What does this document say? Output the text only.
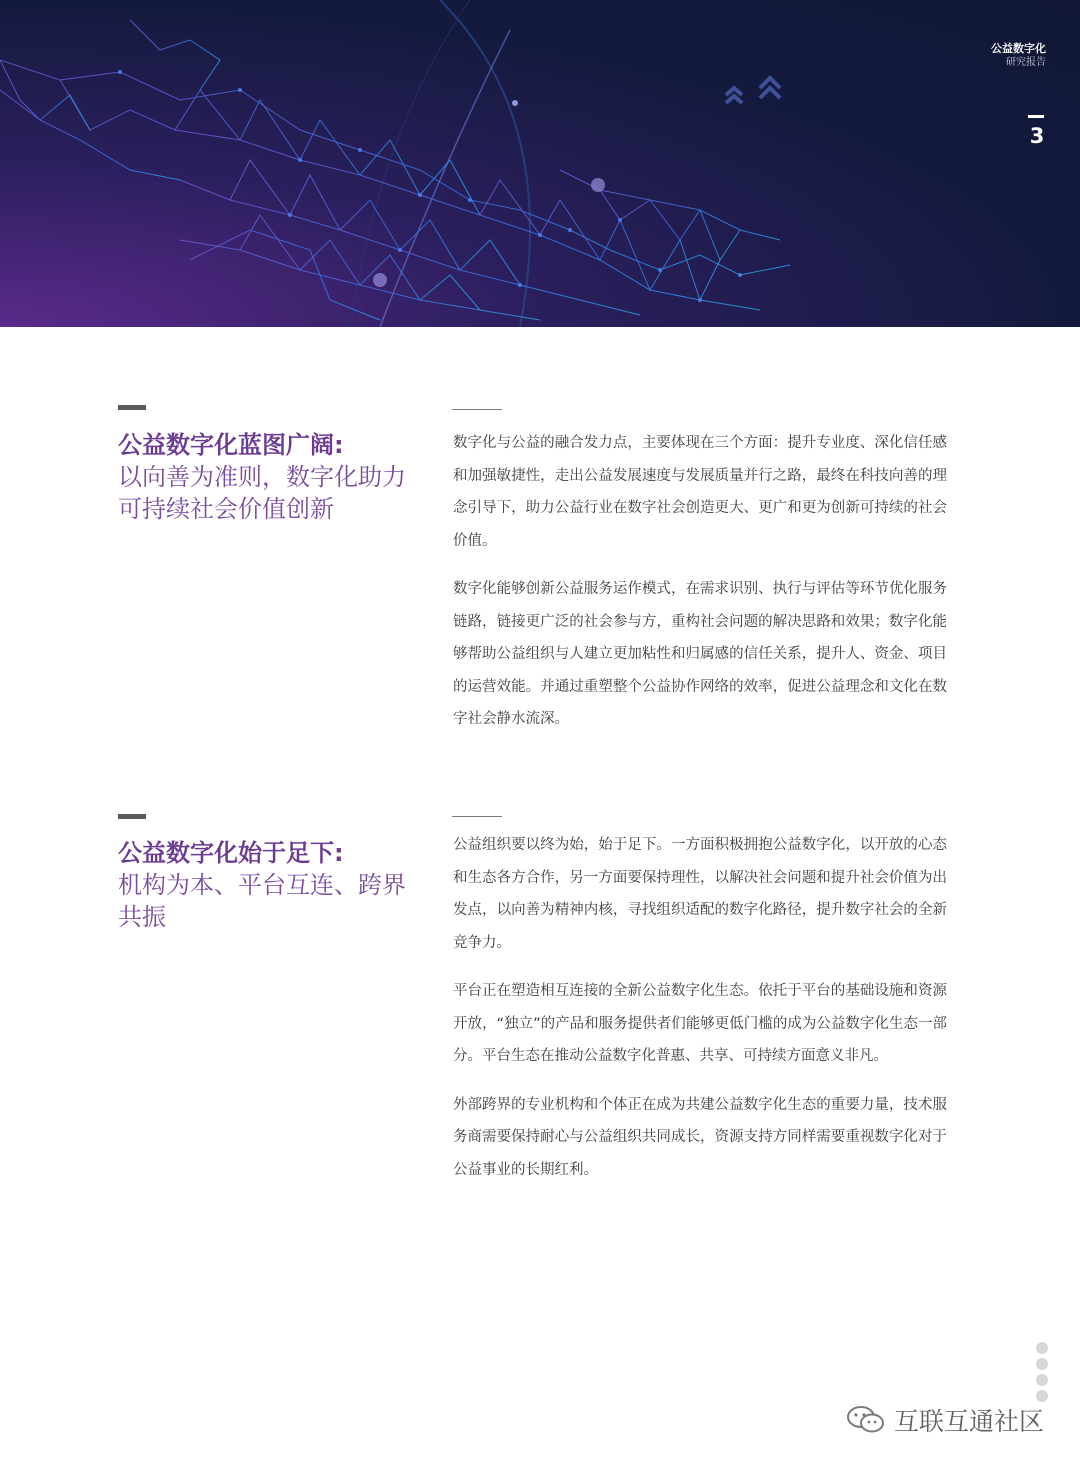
公益数字化
研究报告
3
公益数字化蓝图广阔:
以向善为准则，数字化助力可持续社会价值创新

数字化与公益的融合发力点，主要体现在三个方面：提升专业度、深化信任感和加强敏捷性，走出公益发展速度与发展质量并行之路，最终在科技向善的理念引导下，助力公益行业在数字社会创造更大、更广和更为创新可持续的社会价值。

数字化能够创新公益服务运作模式，在需求识别、执行与评估等环节优化服务链路，链接更广泛的社会参与方，重构社会问题的解决思路和效果；数字化能够帮助公益组织与人建立更加粘性和归属感的信任关系，提升人、资金、项目的运营效能。并通过重塑整个公益协作网络的效率，促进公益理念和文化在数字社会静水流深。

公益数字化始于足下:
机构为本、平台互连、跨界共振

公益组织要以终为始，始于足下。一方面积极拥抱公益数字化，以开放的心态和生态各方合作，另一方面要保持理性，以解决社会问题和提升社会价值为出发点，以向善为精神内核，寻找组织适配的数字化路径，提升数字社会的全新竞争力。

平台正在塑造相互连接的全新公益数字化生态。依托于平台的基础设施和资源开放，“独立”的产品和服务提供者们能够更低门槛的成为公益数字化生态一部分。平台生态在推动公益数字化普惠、共享、可持续方面意义非凡。

外部跨界的专业机构和个体正在成为共建公益数字化生态的重要力量，技术服务商需要保持耐心与公益组织共同成长，资源支持方同样需要重视数字化对于公益事业的长期红利。

互联互通社区
